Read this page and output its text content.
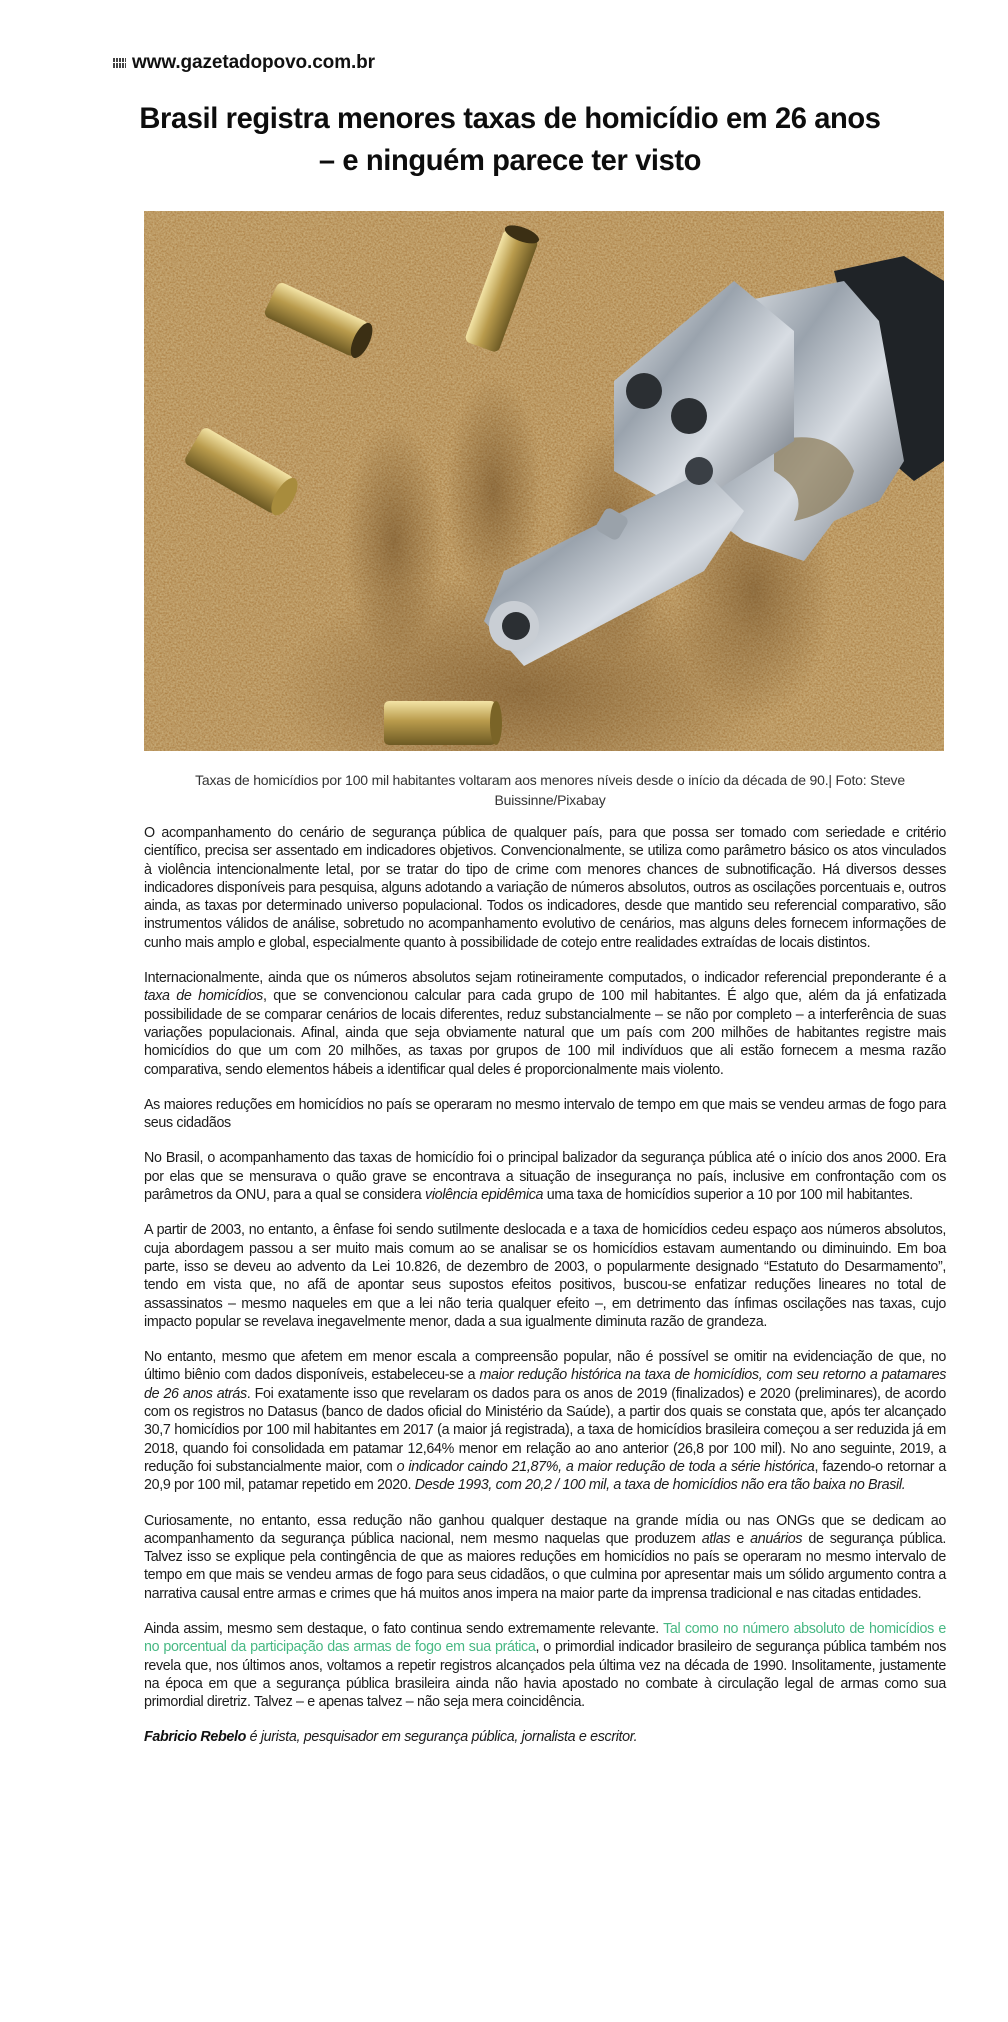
www.gazetadopovo.com.br
Brasil registra menores taxas de homicídio em 26 anos – e ninguém parece ter visto
Taxas de homicídios por 100 mil habitantes voltaram aos menores níveis desde o início da década de 90.| Foto: Steve Buissinne/Pixabay

O acompanhamento do cenário de segurança pública de qualquer país, para que possa ser tomado com seriedade e critério científico, precisa ser assentado em indicadores objetivos. Convencionalmente, se utiliza como parâmetro básico os atos vinculados à violência intencionalmente letal, por se tratar do tipo de crime com menores chances de subnotificação. Há diversos desses indicadores disponíveis para pesquisa, alguns adotando a variação de números absolutos, outros as oscilações porcentuais e, outros ainda, as taxas por determinado universo populacional. Todos os indicadores, desde que mantido seu referencial comparativo, são instrumentos válidos de análise, sobretudo no acompanhamento evolutivo de cenários, mas alguns deles fornecem informações de cunho mais amplo e global, especialmente quanto à possibilidade de cotejo entre realidades extraídas de locais distintos.

Internacionalmente, ainda que os números absolutos sejam rotineiramente computados, o indicador referencial preponderante é a taxa de homicídios, que se convencionou calcular para cada grupo de 100 mil habitantes. É algo que, além da já enfatizada possibilidade de se comparar cenários de locais diferentes, reduz substancialmente – se não por completo – a interferência de suas variações populacionais. Afinal, ainda que seja obviamente natural que um país com 200 milhões de habitantes registre mais homicídios do que um com 20 milhões, as taxas por grupos de 100 mil indivíduos que ali estão fornecem a mesma razão comparativa, sendo elementos hábeis a identificar qual deles é proporcionalmente mais violento.

As maiores reduções em homicídios no país se operaram no mesmo intervalo de tempo em que mais se vendeu armas de fogo para seus cidadãos

No Brasil, o acompanhamento das taxas de homicídio foi o principal balizador da segurança pública até o início dos anos 2000. Era por elas que se mensurava o quão grave se encontrava a situação de insegurança no país, inclusive em confrontação com os parâmetros da ONU, para a qual se considera violência epidêmica uma taxa de homicídios superior a 10 por 100 mil habitantes.

A partir de 2003, no entanto, a ênfase foi sendo sutilmente deslocada e a taxa de homicídios cedeu espaço aos números absolutos, cuja abordagem passou a ser muito mais comum ao se analisar se os homicídios estavam aumentando ou diminuindo. Em boa parte, isso se deveu ao advento da Lei 10.826, de dezembro de 2003, o popularmente designado “Estatuto do Desarmamento”, tendo em vista que, no afã de apontar seus supostos efeitos positivos, buscou-se enfatizar reduções lineares no total de assassinatos – mesmo naqueles em que a lei não teria qualquer efeito –, em detrimento das ínfimas oscilações nas taxas, cujo impacto popular se revelava inegavelmente menor, dada a sua igualmente diminuta razão de grandeza.

No entanto, mesmo que afetem em menor escala a compreensão popular, não é possível se omitir na evidenciação de que, no último biênio com dados disponíveis, estabeleceu-se a maior redução histórica na taxa de homicídios, com seu retorno a patamares de 26 anos atrás. Foi exatamente isso que revelaram os dados para os anos de 2019 (finalizados) e 2020 (preliminares), de acordo com os registros no Datasus (banco de dados oficial do Ministério da Saúde), a partir dos quais se constata que, após ter alcançado 30,7 homicídios por 100 mil habitantes em 2017 (a maior já registrada), a taxa de homicídios brasileira começou a ser reduzida já em 2018, quando foi consolidada em patamar 12,64% menor em relação ao ano anterior (26,8 por 100 mil). No ano seguinte, 2019, a redução foi substancialmente maior, com o indicador caindo 21,87%, a maior redução de toda a série histórica, fazendo-o retornar a 20,9 por 100 mil, patamar repetido em 2020. Desde 1993, com 20,2 / 100 mil, a taxa de homicídios não era tão baixa no Brasil.

Curiosamente, no entanto, essa redução não ganhou qualquer destaque na grande mídia ou nas ONGs que se dedicam ao acompanhamento da segurança pública nacional, nem mesmo naquelas que produzem atlas e anuários de segurança pública. Talvez isso se explique pela contingência de que as maiores reduções em homicídios no país se operaram no mesmo intervalo de tempo em que mais se vendeu armas de fogo para seus cidadãos, o que culmina por apresentar mais um sólido argumento contra a narrativa causal entre armas e crimes que há muitos anos impera na maior parte da imprensa tradicional e nas citadas entidades.

Ainda assim, mesmo sem destaque, o fato continua sendo extremamente relevante. Tal como no número absoluto de homicídios e no porcentual da participação das armas de fogo em sua prática, o primordial indicador brasileiro de segurança pública também nos revela que, nos últimos anos, voltamos a repetir registros alcançados pela última vez na década de 1990. Insolitamente, justamente na época em que a segurança pública brasileira ainda não havia apostado no combate à circulação legal de armas como sua primordial diretriz. Talvez – e apenas talvez – não seja mera coincidência.

Fabricio Rebelo é jurista, pesquisador em segurança pública, jornalista e escritor.
